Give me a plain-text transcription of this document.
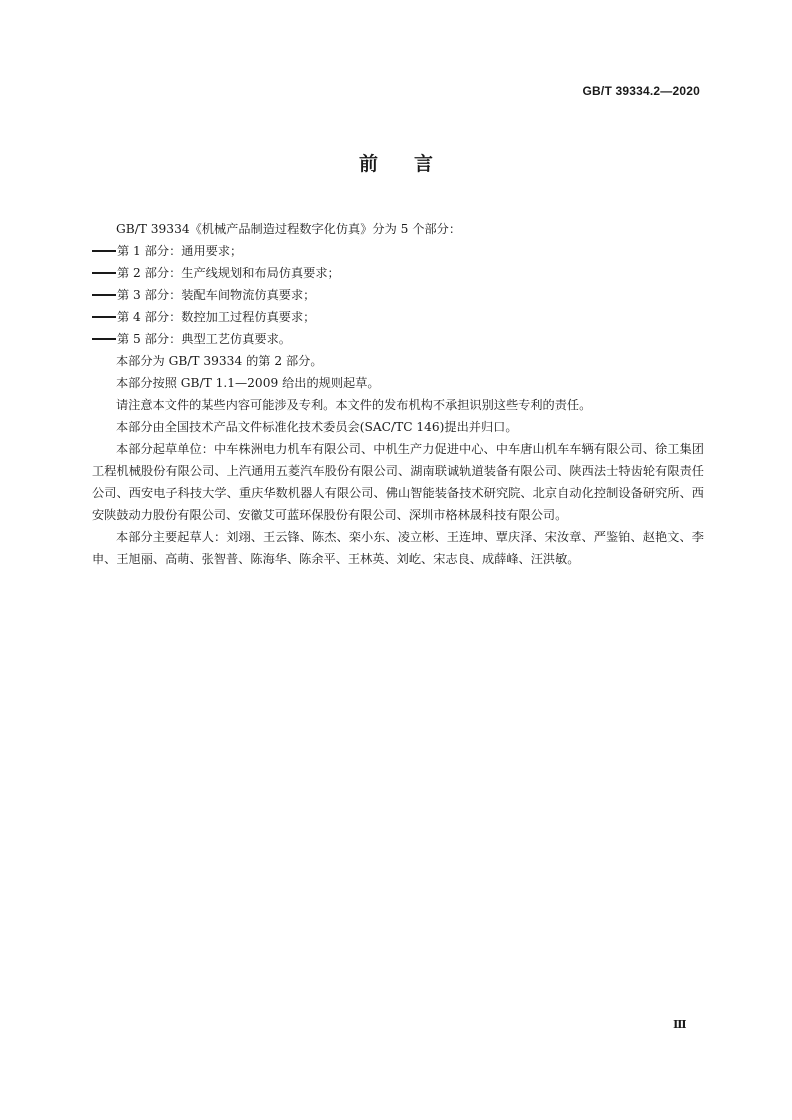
GB/T 39334.2—2020
前言

GB/T 39334《机械产品制造过程数字化仿真》分为 5 个部分：

第 1 部分：通用要求；

第 2 部分：生产线规划和布局仿真要求；

第 3 部分：装配车间物流仿真要求；

第 4 部分：数控加工过程仿真要求；

第 5 部分：典型工艺仿真要求。

本部分为 GB/T 39334 的第 2 部分。

本部分按照 GB/T 1.1—2009 给出的规则起草。

请注意本文件的某些内容可能涉及专利。本文件的发布机构不承担识别这些专利的责任。

本部分由全国技术产品文件标准化技术委员会(SAC/TC 146)提出并归口。

本部分起草单位：中车株洲电力机车有限公司、中机生产力促进中心、中车唐山机车车辆有限公司、徐工集团工程机械股份有限公司、上汽通用五菱汽车股份有限公司、湖南联诚轨道装备有限公司、陕西法士特齿轮有限责任公司、西安电子科技大学、重庆华数机器人有限公司、佛山智能装备技术研究院、北京自动化控制设备研究所、西安陕鼓动力股份有限公司、安徽艾可蓝环保股份有限公司、深圳市格林晟科技有限公司。

本部分主要起草人：刘翊、王云锋、陈杰、栾小东、凌立彬、王连坤、覃庆泽、宋汝章、严鉴铂、赵艳文、李申、王旭丽、高萌、张智普、陈海华、陈余平、王林英、刘屹、宋志良、成薛峰、汪洪敏。

Ⅲ
